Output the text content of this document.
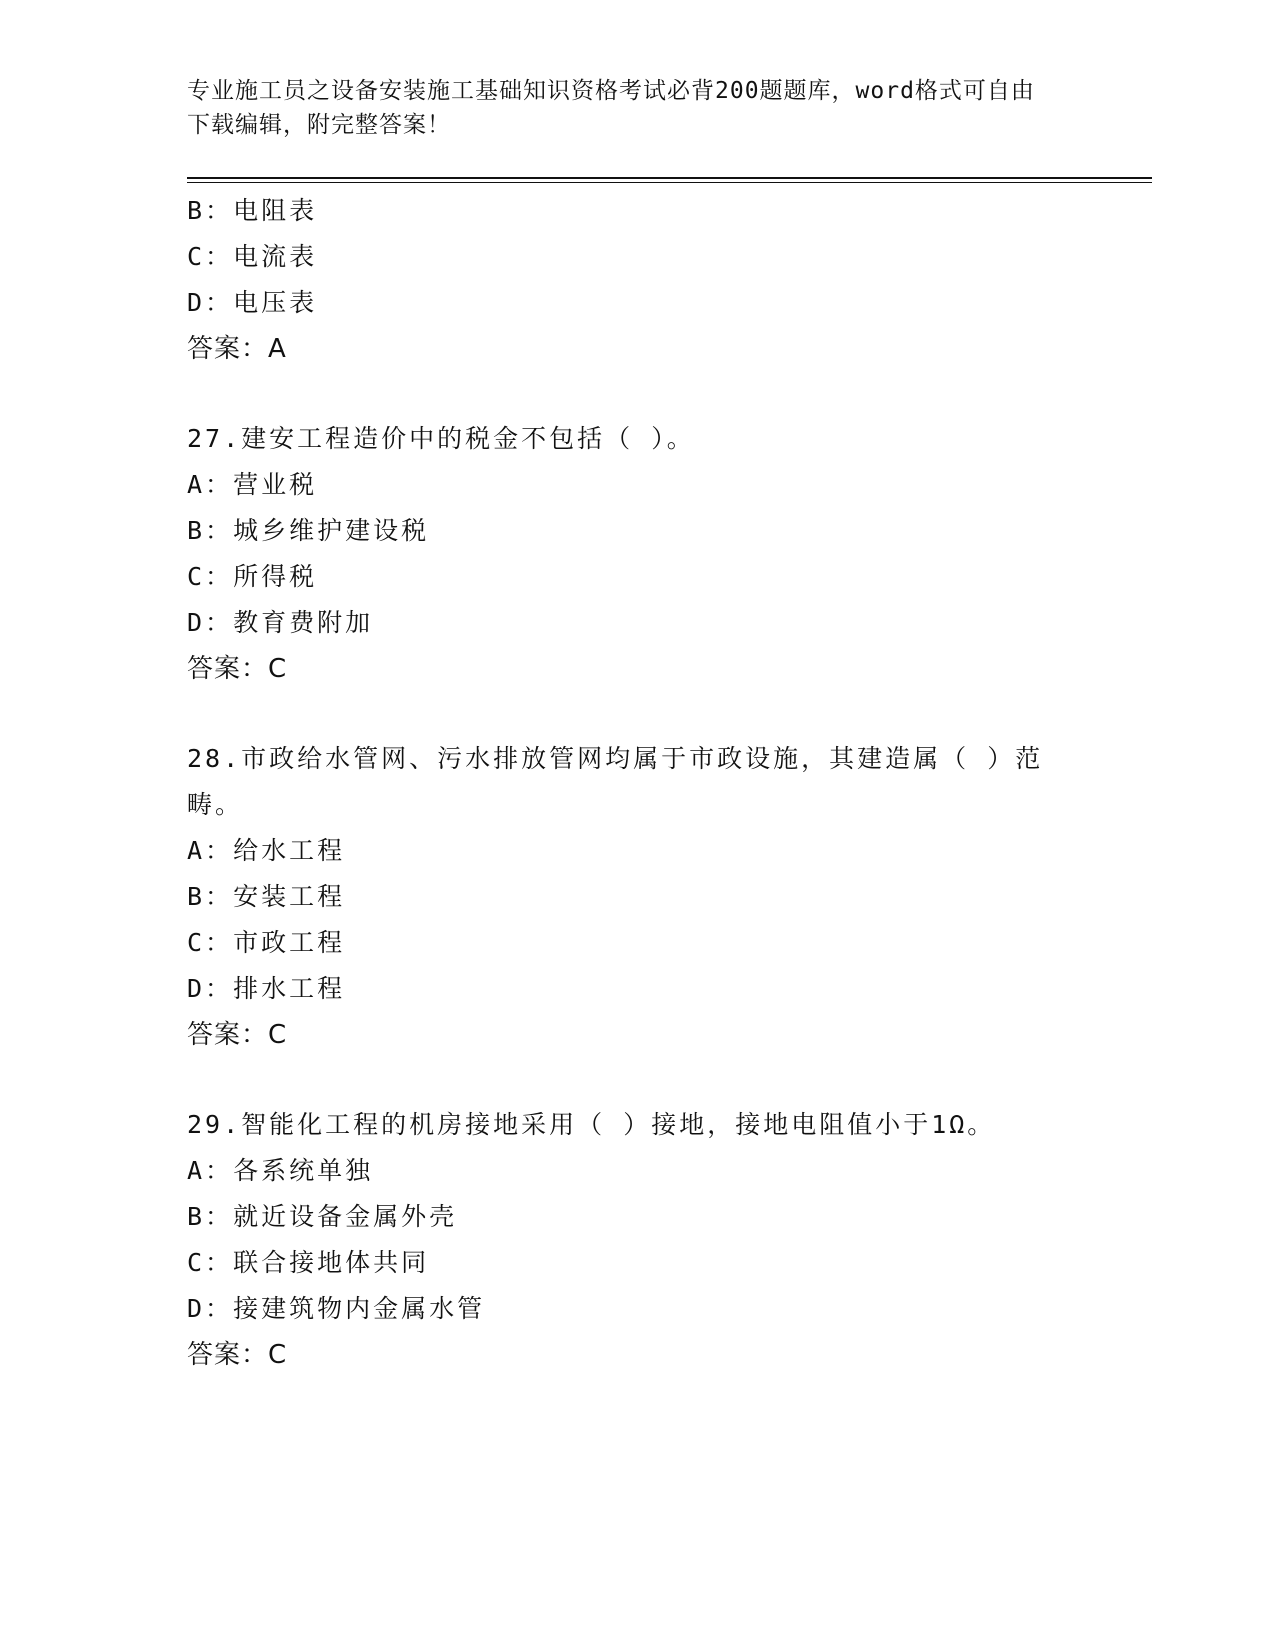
专业施工员之设备安装施工基础知识资格考试必背200题题库，word格式可自由
下载编辑，附完整答案！
B：电阻表
C：电流表
D：电压表
答案：A
27.建安工程造价中的税金不包括（ ）。
A：营业税
B：城乡维护建设税
C：所得税
D：教育费附加
答案：C
28.市政给水管网、污水排放管网均属于市政设施，其建造属（ ）范
畴。
A：给水工程
B：安装工程
C：市政工程
D：排水工程
答案：C
29.智能化工程的机房接地采用（ ）接地，接地电阻值小于1Ω。
A：各系统单独
B：就近设备金属外壳
C：联合接地体共同
D：接建筑物内金属水管
答案：C
